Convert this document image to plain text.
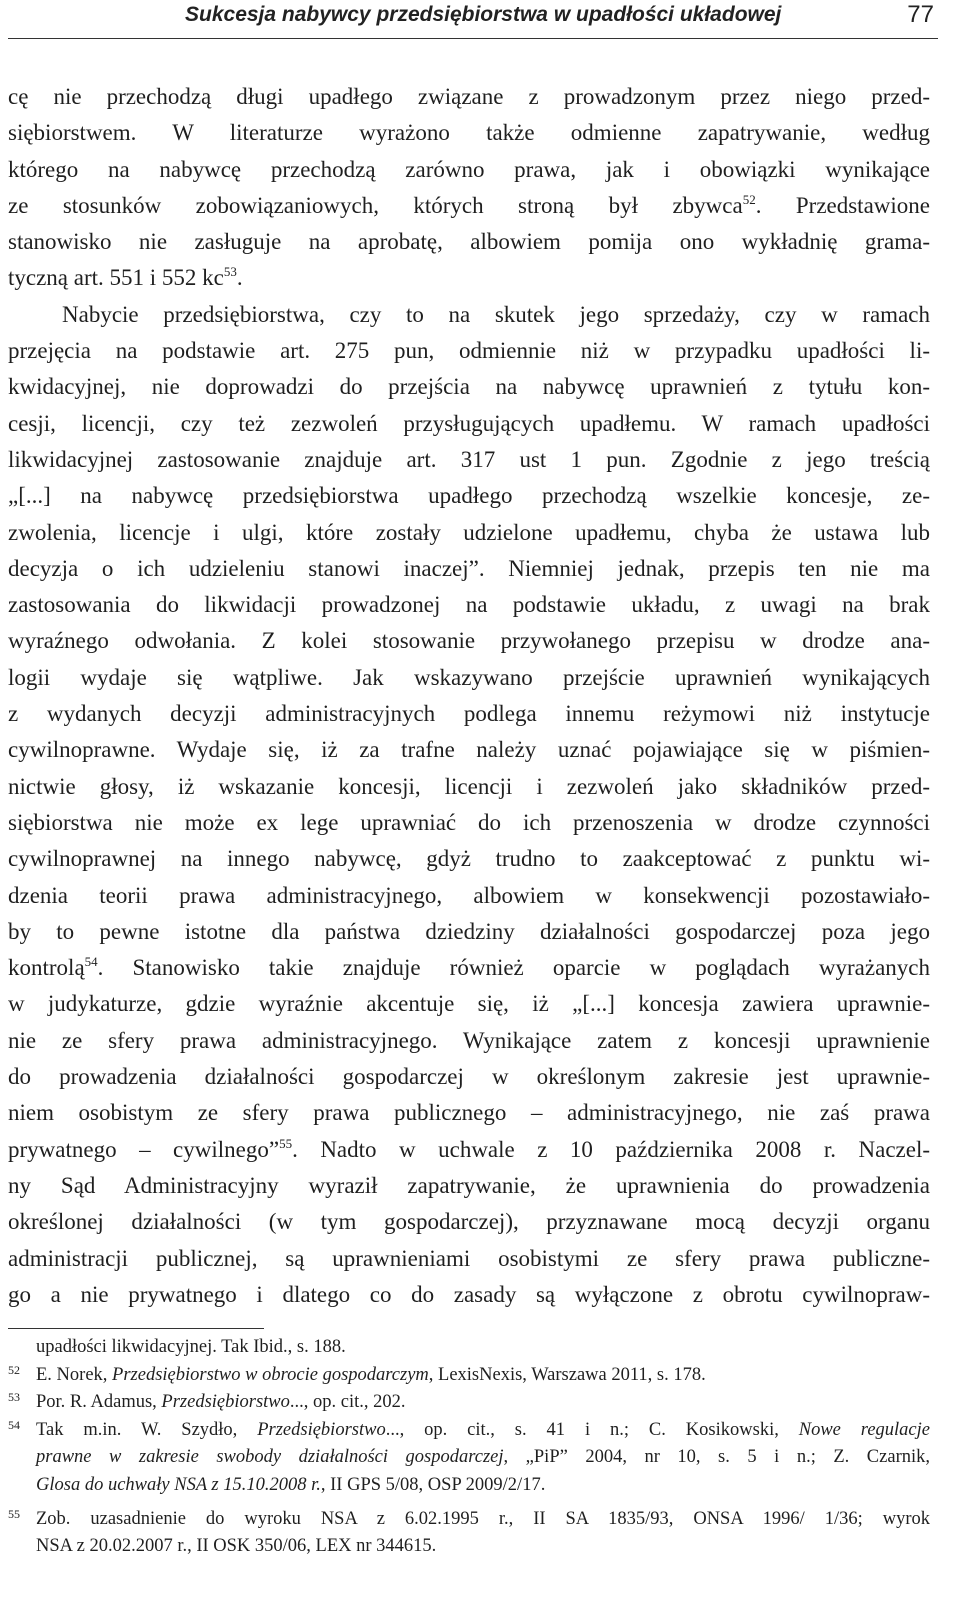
Sukcesja nabywcy przedsiębiorstwa w upadłości układowej	77
cę nie przechodzą długi upadłego związane z prowadzonym przez niego przed-
siębiorstwem. W literaturze wyrażono także odmienne zapatrywanie, według
którego na nabywcę przechodzą zarówno prawa, jak i obowiązki wynikające
ze stosunków zobowiązaniowych, których stroną był zbywca$^{52}$. Przedstawione
stanowisko nie zasługuje na aprobatę, albowiem pomija ono wykładnię grama-
tyczną art. 551 i 552 $kc^{53}$.
Nabycie przedsiębiorstwa, czy to na skutek jego sprzedaży, czy w ramach
przejęcia na podstawie art. 275 pun, odmiennie niż w przypadku upadłości li-
kwidacyjnej, nie doprowadzi do przejścia na nabywcę uprawnień z tytułu kon-
cesji, licencji, czy też zezwoleń przysługujących upadłemu. W ramach upadłości
likwidacyjnej zastosowanie znajduje art. 317 ust 1 pun. Zgodnie z jego treścią
„[...] na nabywcę przedsiębiorstwa upadłego przechodzą wszelkie koncesje, ze-
zwolenia, licencje i ulgi, które zostały udzielone upadłemu, chyba że ustawa lub
decyzja o ich udzieleniu stanowi inaczej”. Niemniej jednak, przepis ten nie ma
zastosowania do likwidacji prowadzonej na podstawie układu, z uwagi na brak
wyraźnego odwołania. Z kolei stosowanie przywołanego przepisu w drodze ana-
logii wydaje się wątpliwe. Jak wskazywano przejście uprawnień wynikających
z wydanych decyzji administracyjnych podlega innemu reżymowi niż instytucje
cywilnoprawne. Wydaje się, iż za trafne należy uznać pojawiające się w piśmien-
nictwie głosy, iż wskazanie koncesji, licencji i zezwoleń jako składników przed-
siębiorstwa nie może ex lege uprawniać do ich przenoszenia w drodze czynności
cywilnoprawnej na innego nabywcę, gdyż trudno to zaakceptować z punktu wi-
dzenia teorii prawa administracyjnego, albowiem w konsekwencji pozostawiało-
by to pewne istotne dla państwa dziedziny działalności gospodarczej poza jego
kontrolą$^{54}$. Stanowisko takie znajduje również oparcie w poglądach wyrażanych
w judykaturze, gdzie wyraźnie akcentuje się, iż „[...] koncesja zawiera uprawnie-
nie ze sfery prawa administracyjnego. Wynikające zatem z koncesji uprawnienie
do prowadzenia działalności gospodarczej w określonym zakresie jest uprawnie-
niem osobistym ze sfery prawa publicznego – administracyjnego, nie zaś prawa
prywatnego – cywilnego”$^{55}$. Nadto w uchwale z 10 października 2008 r. Naczel-
ny Sąd Administracyjny wyraził zapatrywanie, że uprawnienia do prowadzenia
określonej działalności (w tym gospodarczej), przyznawane mocą decyzji organu
administracji publicznej, są uprawnieniami osobistymi ze sfery prawa publiczne-
go a nie prywatnego i dlatego co do zasady są wyłączone z obrotu cywilnopraw-
upadłości likwidacyjnej. Tak Ibid., s. 188.
52 E. Norek, Przedsiębiorstwo w obrocie gospodarczym, LexisNexis, Warszawa 2011, s. 178.
53 Por. R. Adamus, Przedsiębiorstwo..., op. cit., 202.
54 Tak m.in. W. Szydło, Przedsiębiorstwo..., op. cit., s. 41 i n.; C. Kosikowski, Nowe regulacje
prawne w zakresie swobody działalności gospodarczej, „PiP” 2004, nr 10, s. 5 i n.; Z. Czarnik,
Glosa do uchwały NSA z 15.10.2008 r., II GPS 5/08, OSP 2009/2/17.
55 Zob. uzasadnienie do wyroku NSA z 6.02.1995 r., II SA 1835/93, ONSA 1996/ 1/36; wyrok
NSA z 20.02.2007 r., II OSK 350/06, LEX nr 344615.
